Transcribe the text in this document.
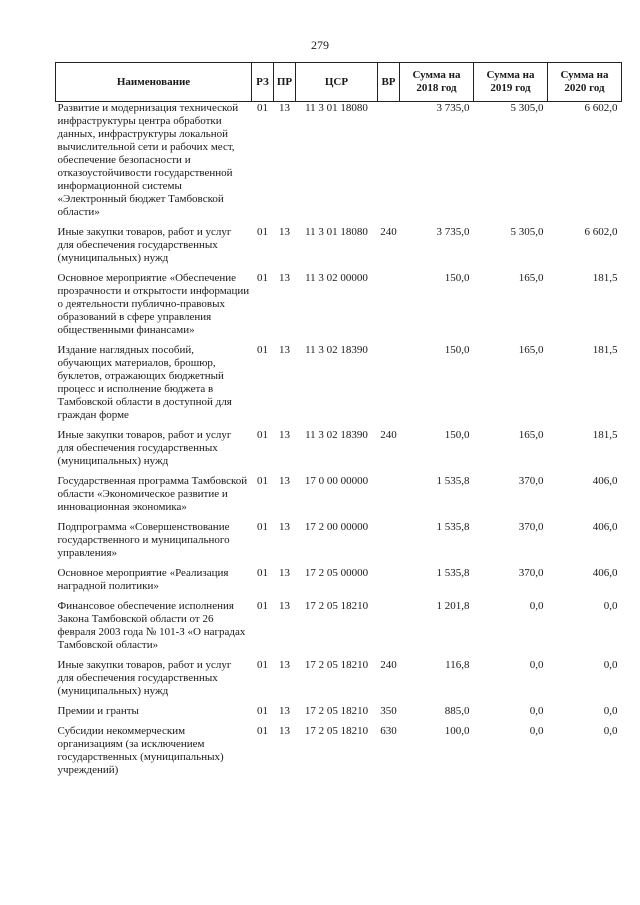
279
Наименование	РЗ	ПР	ЦСР	ВР	Сумма на 2018 год	Сумма на 2019 год	Сумма на 2020 год
Развитие и модернизация технической инфраструктуры центра обработки данных, инфраструктуры локальной вычислительной сети и рабочих мест, обеспечение безопасности и отказоустойчивости государственной информационной системы «Электронный бюджет Тамбовской области»	01	13	11 3 01 18080		3 735,0	5 305,0	6 602,0
Иные закупки товаров, работ и услуг для обеспечения государственных (муниципальных) нужд	01	13	11 3 01 18080	240	3 735,0	5 305,0	6 602,0
Основное мероприятие «Обеспечение прозрачности и открытости информации о деятельности публично-правовых образований в сфере управления общественными финансами»	01	13	11 3 02 00000		150,0	165,0	181,5
Издание наглядных пособий, обучающих материалов, брошюр, буклетов, отражающих бюджетный процесс и исполнение бюджета в Тамбовской области в доступной для граждан форме	01	13	11 3 02 18390		150,0	165,0	181,5
Иные закупки товаров, работ и услуг для обеспечения государственных (муниципальных) нужд	01	13	11 3 02 18390	240	150,0	165,0	181,5
Государственная программа Тамбовской области «Экономическое развитие и инновационная экономика»	01	13	17 0 00 00000		1 535,8	370,0	406,0
Подпрограмма «Совершенствование государственного и муниципального управления»	01	13	17 2 00 00000		1 535,8	370,0	406,0
Основное мероприятие «Реализация наградной политики»	01	13	17 2 05 00000		1 535,8	370,0	406,0
Финансовое обеспечение исполнения Закона Тамбовской области от 26 февраля 2003 года № 101-З «О наградах Тамбовской области»	01	13	17 2 05 18210		1 201,8	0,0	0,0
Иные закупки товаров, работ и услуг для обеспечения государственных (муниципальных) нужд	01	13	17 2 05 18210	240	116,8	0,0	0,0
Премии и гранты	01	13	17 2 05 18210	350	885,0	0,0	0,0
Субсидии некоммерческим организациям (за исключением государственных (муниципальных) учреждений)	01	13	17 2 05 18210	630	100,0	0,0	0,0
